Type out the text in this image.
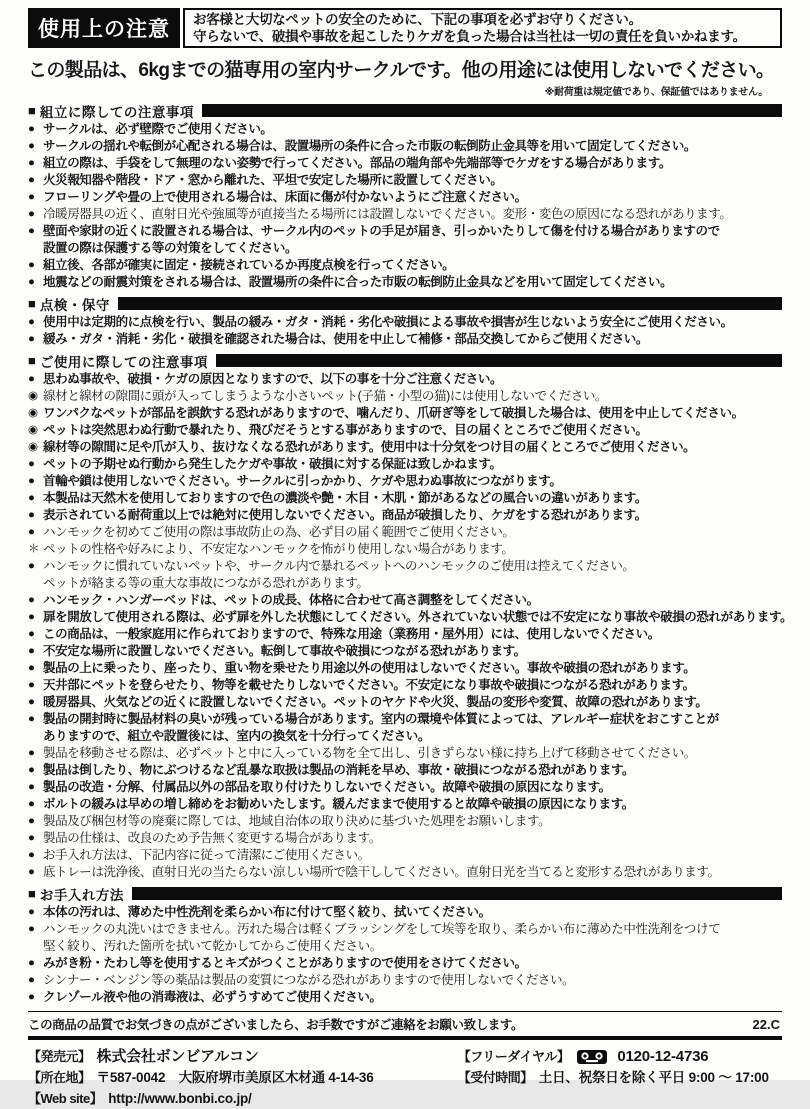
使用上の注意	お客様と大切なペットの安全のために、下記の事項を必ずお守りください。
守らないで、破損や事故を起こしたりケガを負った場合は当社は一切の責任を負いかねます。
この製品は、6kgまでの猫専用の室内サークルです。他の用途には使用しないでください。
※耐荷重は規定値であり、保証値ではありません。
■ 組立に際しての注意事項
● サークルは、必ず壁際でご使用ください。
● サークルの揺れや転倒が心配される場合は、設置場所の条件に合った市販の転倒防止金具等を用いて固定してください。
● 組立の際は、手袋をして無理のない姿勢で行ってください。部品の端角部や先端部等でケガをする場合があります。
● 火災報知器や階段・ドア・窓から離れた、平坦で安定した場所に設置してください。
● フローリングや畳の上で使用される場合は、床面に傷が付かないようにご注意ください。
● 冷暖房器具の近く、直射日光や強風等が直接当たる場所には設置しないでください。変形・変色の原因になる恐れがあります。
● 壁面や家財の近くに設置される場合は、サークル内のペットの手足が届き、引っかいたりして傷を付ける場合がありますので
設置の際は保護する等の対策をしてください。
● 組立後、各部が確実に固定・接続されているか再度点検を行ってください。
● 地震などの耐震対策をされる場合は、設置場所の条件に合った市販の転倒防止金具などを用いて固定してください。
■ 点検・保守
● 使用中は定期的に点検を行い、製品の緩み・ガタ・消耗・劣化や破損による事故や損害が生じないよう安全にご使用ください。
● 緩み・ガタ・消耗・劣化・破損を確認された場合は、使用を中止して補修・部品交換してからご使用ください。
■ ご使用に際しての注意事項
● 思わぬ事故や、破損・ケガの原因となりますので、以下の事を十分ご注意ください。
◉ 線材と線材の隙間に頭が入ってしまうような小さいペット(子猫・小型の猫)には使用しないでください。
◉ ワンパクなペットが部品を誤飲する恐れがありますので、噛んだり、爪研ぎ等をして破損した場合は、使用を中止してください。
◉ ペットは突然思わぬ行動で暴れたり、飛びだそうとする事がありますので、目の届くところでご使用ください。
◉ 線材等の隙間に足や爪が入り、抜けなくなる恐れがあります。使用中は十分気をつけ目の届くところでご使用ください。
● ペットの予期せぬ行動から発生したケガや事故・破損に対する保証は致しかねます。
● 首輪や鎖は使用しないでください。サークルに引っかかり、ケガや思わぬ事故につながります。
● 本製品は天然木を使用しておりますので色の濃淡や艶・木目・木肌・節があるなどの風合いの違いがあります。
● 表示されている耐荷重以上では絶対に使用しないでください。商品が破損したり、ケガをする恐れがあります。
● ハンモックを初めてご使用の際は事故防止の為、必ず目の届く範囲でご使用ください。
＊ ペットの性格や好みにより、不安定なハンモックを怖がり使用しない場合があります。
● ハンモックに慣れていないペットや、サークル内で暴れるペットへのハンモックのご使用は控えてください。
ペットが絡まる等の重大な事故につながる恐れがあります。
● ハンモック・ハンガーベッドは、ペットの成長、体格に合わせて高さ調整をしてください。
● 扉を開放して使用される際は、必ず扉を外した状態にしてください。外されていない状態では不安定になり事故や破損の恐れがあります。
● この商品は、一般家庭用に作られておりますので、特殊な用途（業務用・屋外用）には、使用しないでください。
● 不安定な場所に設置しないでください。転倒して事故や破損につながる恐れがあります。
● 製品の上に乗ったり、座ったり、重い物を乗せたり用途以外の使用はしないでください。事故や破損の恐れがあります。
● 天井部にペットを登らせたり、物等を載せたりしないでください。不安定になり事故や破損につながる恐れがあります。
● 暖房器具、火気などの近くに設置しないでください。ペットのヤケドや火災、製品の変形や変質、故障の恐れがあります。
● 製品の開封時に製品材料の臭いが残っている場合があります。室内の環境や体質によっては、アレルギー症状をおこすことが
ありますので、組立や設置後には、室内の換気を十分行ってください。
● 製品を移動させる際は、必ずペットと中に入っている物を全て出し、引きずらない様に持ち上げて移動させてください。
● 製品は倒したり、物にぶつけるなど乱暴な取扱は製品の消耗を早め、事故・破損につながる恐れがあります。
● 製品の改造・分解、付属品以外の部品を取り付けたりしないでください。故障や破損の原因になります。
● ボルトの緩みは早めの増し締めをお勧めいたします。緩んだままで使用すると故障や破損の原因になります。
● 製品及び梱包材等の廃棄に際しては、地域自治体の取り決めに基づいた処理をお願いします。
● 製品の仕様は、改良のため予告無く変更する場合があります。
● お手入れ方法は、下記内容に従って清潔にご使用ください。
● 底トレーは洗浄後、直射日光の当たらない涼しい場所で陰干ししてください。直射日光を当てると変形する恐れがあります。
■ お手入れ方法
● 本体の汚れは、薄めた中性洗剤を柔らかい布に付けて堅く絞り、拭いてください。
● ハンモックの丸洗いはできません。汚れた場合は軽くブラッシングをして埃等を取り、柔らかい布に薄めた中性洗剤をつけて
堅く絞り、汚れた箇所を拭いて乾かしてからご使用ください。
● みがき粉・たわし等を使用するとキズがつくことがありますので使用をさけてください。
● シンナー・ベンジン等の薬品は製品の変質につながる恐れがありますので使用しないでください。
● クレゾール液や他の消毒液は、必ずうすめてご使用ください。
この商品の品質でお気づきの点がございましたら、お手数ですがご連絡をお願い致します。	22.C
【発売元】 株式会社ボンビアルコン
【所在地】 〒587-0042　大阪府堺市美原区木材通 4-14-36
【Web site】 http://www.bonbi.co.jp/
【フリーダイヤル】	0120-12-4736
【受付時間】 土日、祝祭日を除く平日 9:00 ～ 17:00
